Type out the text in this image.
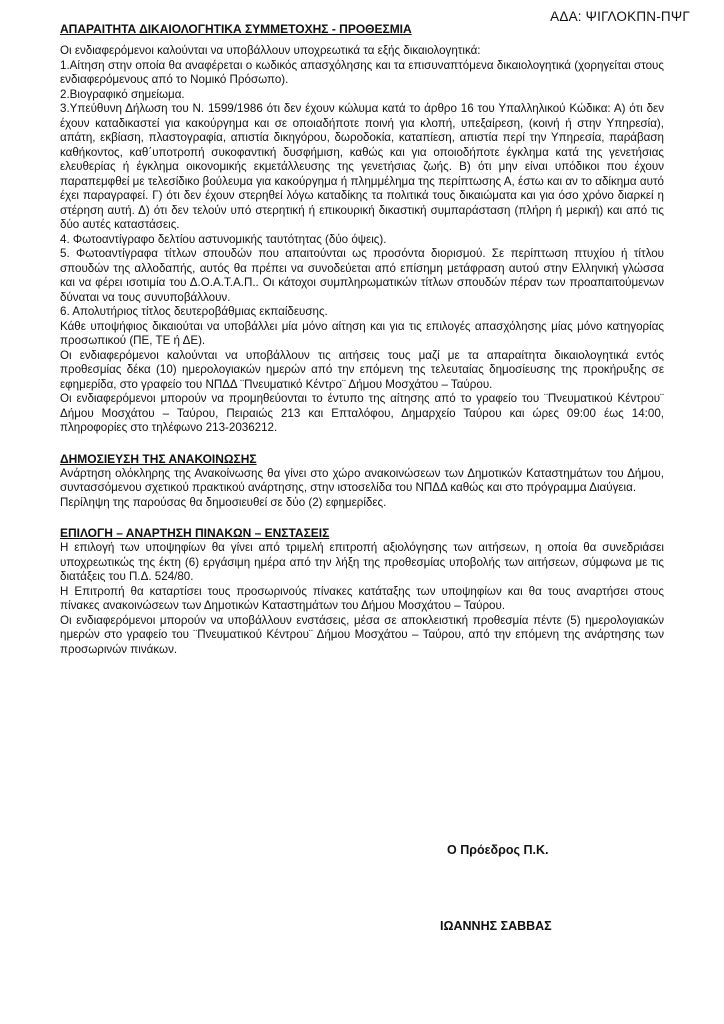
ΑΔΑ: ΨΙΓΛΟΚΠΝ-ΠΨΓ
ΑΠΑΡΑΙΤΗΤΑ ΔΙΚΑΙΟΛΟΓΗΤΙΚΑ ΣΥΜΜΕΤΟΧΗΣ - ΠΡΟΘΕΣΜΙΑ

Οι ενδιαφερόμενοι καλούνται να υποβάλλουν υποχρεωτικά τα εξής δικαιολογητικά:

1.Αίτηση στην οποία θα αναφέρεται ο κωδικός απασχόλησης και τα επισυναπτόμενα δικαιολογητικά (χορηγείται στους ενδιαφερόμενους από το Νομικό Πρόσωπο).

2.Βιογραφικό σημείωμα.

3.Υπεύθυνη Δήλωση του Ν. 1599/1986 ότι δεν έχουν κώλυμα κατά το άρθρο 16 του Υπαλληλικού Κώδικα: Α) ότι δεν έχουν καταδικαστεί για κακούργημα και σε οποιαδήποτε ποινή για κλοπή, υπεξαίρεση, (κοινή ή στην Υπηρεσία), απάτη, εκβίαση, πλαστογραφία, απιστία δικηγόρου, δωροδοκία, καταπίεση, απιστία περί την Υπηρεσία, παράβαση καθήκοντος, καθ΄υποτροπή συκοφαντική δυσφήμιση, καθώς και για οποιοδήποτε έγκλημα κατά της γενετήσιας ελευθερίας ή έγκλημα οικονομικής εκμετάλλευσης της γενετήσιας ζωής. Β) ότι μην είναι υπόδικοι που έχουν παραπεμφθεί με τελεσίδικο βούλευμα για κακούργημα ή πλημμέλημα της περίπτωσης Α, έστω και αν το αδίκημα αυτό έχει παραγραφεί. Γ) ότι δεν έχουν στερηθεί λόγω καταδίκης τα πολιτικά τους δικαιώματα και για όσο χρόνο διαρκεί η στέρηση αυτή. Δ) ότι δεν τελούν υπό στερητική ή επικουρική δικαστική συμπαράσταση (πλήρη ή μερική) και από τις δύο αυτές καταστάσεις.

4. Φωτοαντίγραφο δελτίου αστυνομικής ταυτότητας (δύο όψεις).

5. Φωτοαντίγραφα τίτλων σπουδών που απαιτούνται ως προσόντα διορισμού. Σε περίπτωση πτυχίου ή τίτλου σπουδών της αλλοδαπής, αυτός θα πρέπει να συνοδεύεται από επίσημη μετάφραση αυτού στην Ελληνική γλώσσα και να φέρει ισοτιμία του Δ.Ο.Α.Τ.Α.Π.. Οι κάτοχοι συμπληρωματικών τίτλων σπουδών πέραν των προαπαιτούμενων δύναται να τους συνυποβάλλουν.

6. Απολυτήριος τίτλος δευτεροβάθμιας εκπαίδευσης.

Κάθε υποψήφιος δικαιούται να υποβάλλει μία μόνο αίτηση και για τις επιλογές απασχόλησης μίας μόνο κατηγορίας προσωπικού (ΠΕ, ΤΕ ή ΔΕ).

Οι ενδιαφερόμενοι καλούνται να υποβάλλουν τις αιτήσεις τους μαζί με τα απαραίτητα δικαιολογητικά εντός προθεσμίας δέκα (10) ημερολογιακών ημερών από την επόμενη της τελευταίας δημοσίευσης της προκήρυξης σε εφημερίδα, στο γραφείο του ΝΠΔΔ ¨Πνευματικό Κέντρο¨ Δήμου Μοσχάτου – Ταύρου.

Οι ενδιαφερόμενοι μπορούν να προμηθεύονται το έντυπο της αίτησης από το γραφείο του ¨Πνευματικού Κέντρου¨ Δήμου Μοσχάτου – Ταύρου, Πειραιώς 213 και Επταλόφου, Δημαρχείο Ταύρου και ώρες 09:00 έως 14:00, πληροφορίες στο τηλέφωνο 213-2036212.

ΔΗΜΟΣΙΕΥΣΗ ΤΗΣ ΑΝΑΚΟΙΝΩΣΗΣ

Ανάρτηση ολόκληρης της Ανακοίνωσης θα γίνει στο χώρο ανακοινώσεων των Δημοτικών Καταστημάτων του Δήμου, συντασσόμενου σχετικού πρακτικού ανάρτησης, στην ιστοσελίδα του ΝΠΔΔ καθώς και στο πρόγραμμα Διαύγεια.

Περίληψη της παρούσας θα δημοσιευθεί σε δύο (2) εφημερίδες.

ΕΠΙΛΟΓΗ – ΑΝΑΡΤΗΣΗ ΠΙΝΑΚΩΝ – ΕΝΣΤΑΣΕΙΣ

Η επιλογή των υποψηφίων θα γίνει από τριμελή επιτροπή αξιολόγησης των αιτήσεων, η οποία θα συνεδριάσει υποχρεωτικώς της έκτη (6) εργάσιμη ημέρα από την λήξη της προθεσμίας υποβολής των αιτήσεων, σύμφωνα με τις διατάξεις του Π.Δ. 524/80.

Η Επιτροπή θα καταρτίσει τους προσωρινούς πίνακες κατάταξης των υποψηφίων και θα τους αναρτήσει στους πίνακες ανακοινώσεων των Δημοτικών Καταστημάτων του Δήμου Μοσχάτου – Ταύρου.

Οι ενδιαφερόμενοι μπορούν να υποβάλλουν ενστάσεις, μέσα σε αποκλειστική προθεσμία πέντε (5) ημερολογιακών ημερών στο γραφείο του ¨Πνευματικού Κέντρου¨ Δήμου Μοσχάτου – Ταύρου, από την επόμενη της ανάρτησης των προσωρινών πινάκων.

Ο Πρόεδρος Π.Κ.
ΙΩΑΝΝΗΣ ΣΑΒΒΑΣ
